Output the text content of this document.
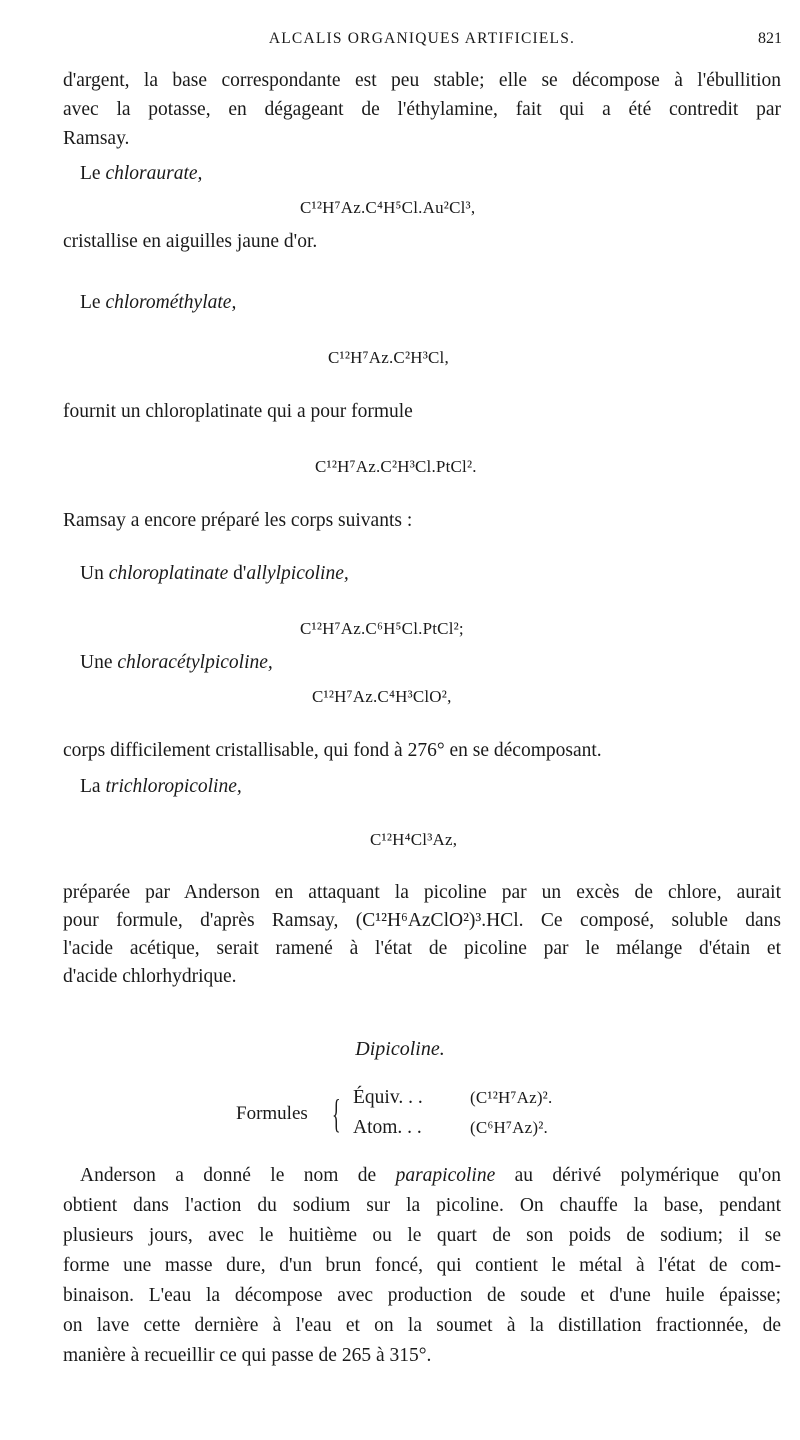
ALCALIS ORGANIQUES ARTIFICIELS.	821
d'argent, la base correspondante est peu stable; elle se décompose à l'ébullition
avec la potasse, en dégageant de l'éthylamine, fait qui a été contredit par
Ramsay.
Le chloraurate,
C¹²H⁷Az.C⁴H⁵Cl.Au²Cl³,
cristallise en aiguilles jaune d'or.
Le chlorométhylate,
C¹²H⁷Az.C²H³Cl,
fournit un chloroplatinate qui a pour formule
C¹²H⁷Az.C²H³Cl.PtCl².
Ramsay a encore préparé les corps suivants :
Un chloroplatinate d'allylpicoline,
C¹²H⁷Az.C⁶H⁵Cl.PtCl²;
Une chloracétylpicoline,
C¹²H⁷Az.C⁴H³ClO²,
corps difficilement cristallisable, qui fond à 276° en se décomposant.
La trichloropicoline,
C¹²H⁴Cl³Az,
préparée par Anderson en attaquant la picoline par un excès de chlore, aurait
pour formule, d'après Ramsay, (C¹²H⁶AzClO²)³.HCl. Ce composé, soluble dans
l'acide acétique, serait ramené à l'état de picoline par le mélange d'étain et
d'acide chlorhydrique.
Dipicoline.
Formules { Équiv. . .	(C¹²H⁷Az)².
Atom. . .	(C⁶H⁷Az)².
Anderson a donné le nom de parapicoline au dérivé polymérique qu'on
obtient dans l'action du sodium sur la picoline. On chauffe la base, pendant
plusieurs jours, avec le huitième ou le quart de son poids de sodium; il se
forme une masse dure, d'un brun foncé, qui contient le métal à l'état de com-
binaison. L'eau la décompose avec production de soude et d'une huile épaisse;
on lave cette dernière à l'eau et on la soumet à la distillation fractionnée, de
manière à recueillir ce qui passe de 265 à 315°.
